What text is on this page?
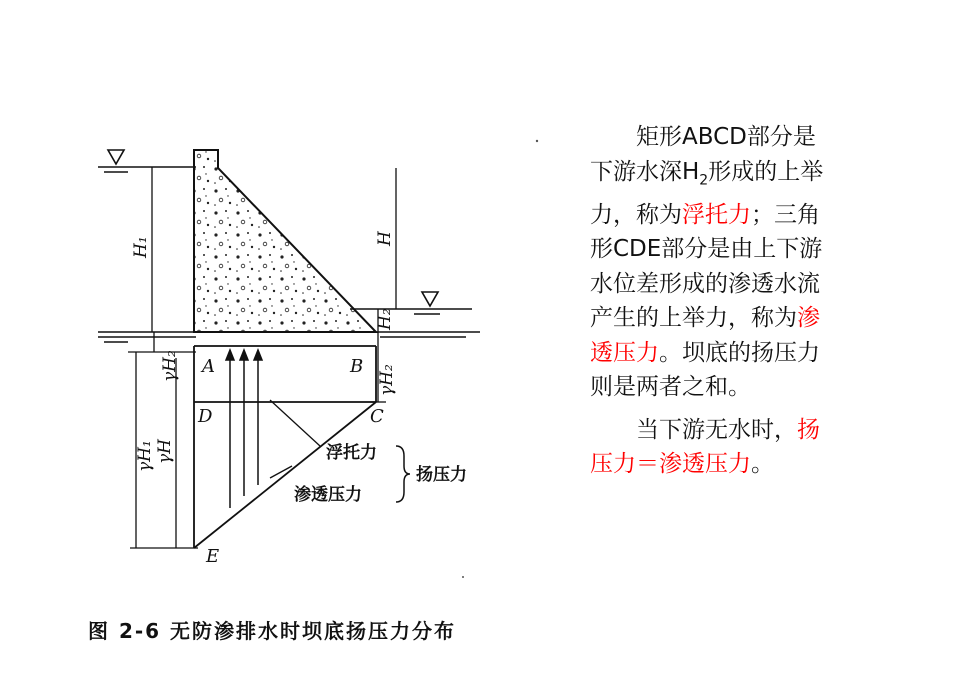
A	B
C
D
E
H₁	H
H₂
γH₂	γH₂
γH₁ γH	浮托力
渗透压力
扬压力
图 2-6 无防渗排水时坝底扬压力分布

矩形ABCD部分是下游水深$H_2$形成的上举力，称为浮托力；三角形CDE部分是由上下游水位差形成的渗透水流产生的上举力，称为渗透压力。坝底的扬压力则是两者之和。

当下游无水时，扬压力＝渗透压力。
